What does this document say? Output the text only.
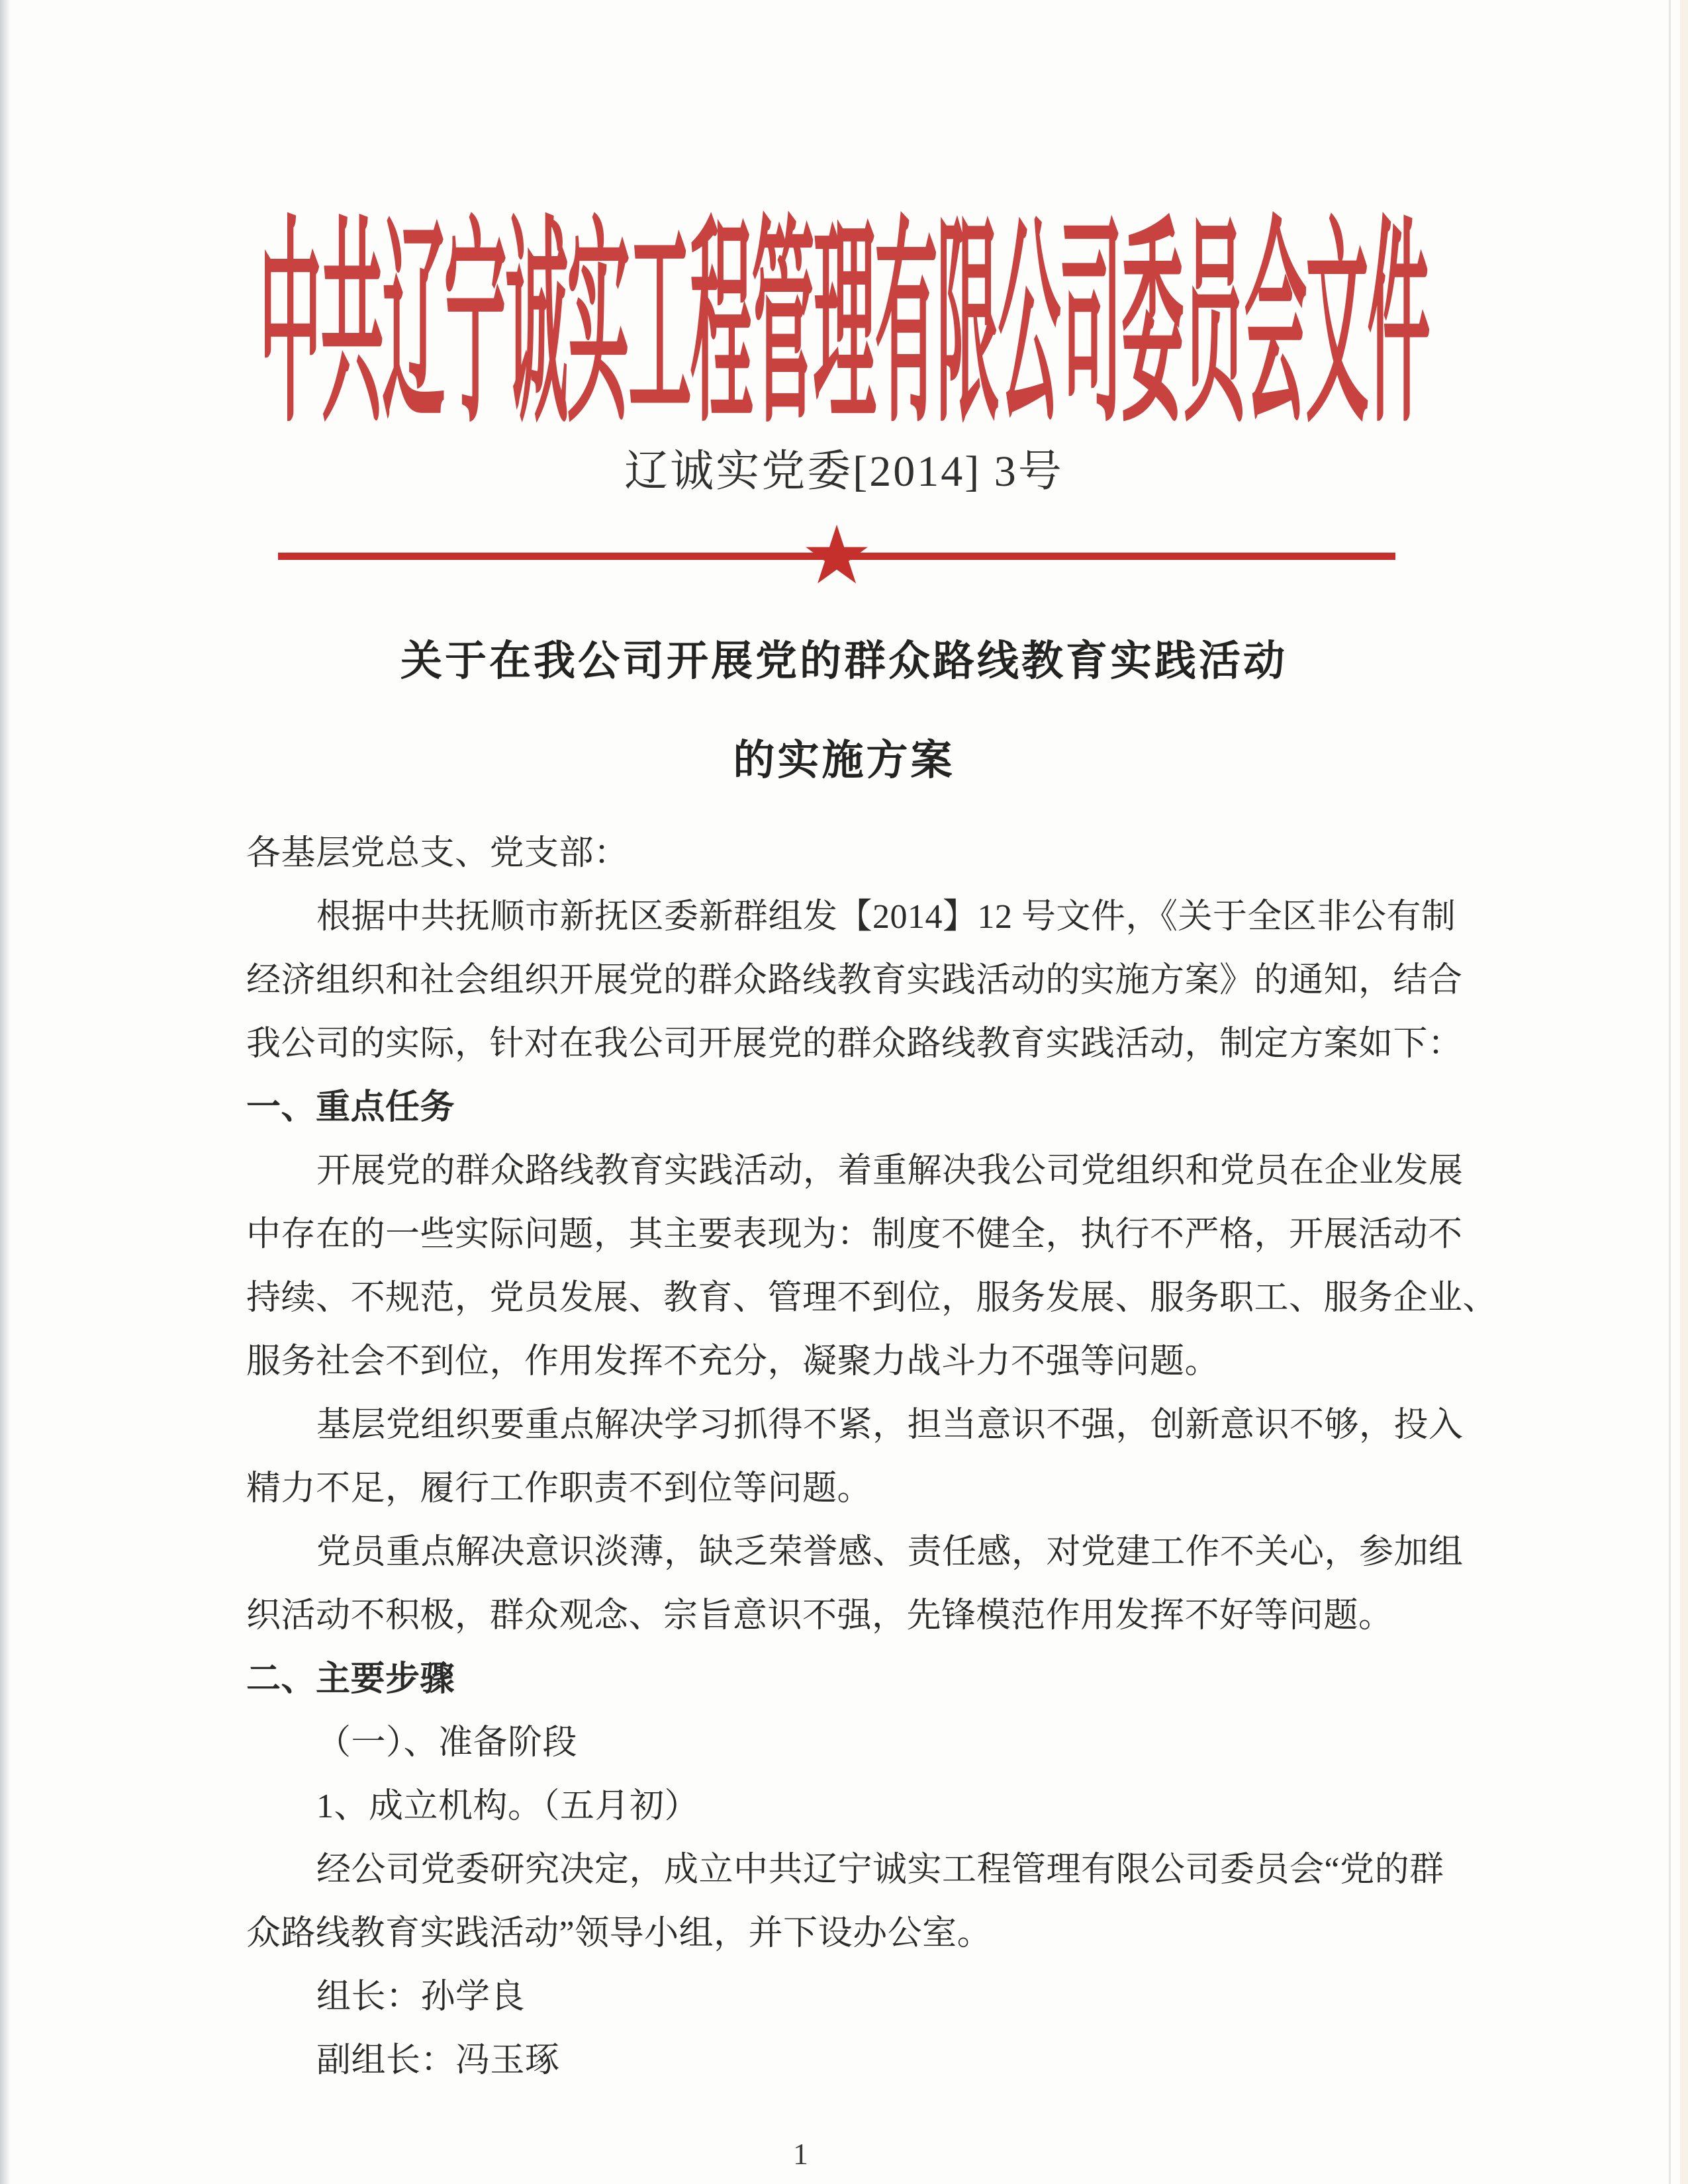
中共辽宁诚实工程管理有限公司委员会文件
辽诚实党委[2014] 3号
★
关于在我公司开展党的群众路线教育实践活动
的实施方案
各基层党总支、党支部：
根据中共抚顺市新抚区委新群组发【2014】12 号文件，《关于全区非公有制
经济组织和社会组织开展党的群众路线教育实践活动的实施方案》的通知，结合
我公司的实际，针对在我公司开展党的群众路线教育实践活动，制定方案如下：
一、重点任务
开展党的群众路线教育实践活动，着重解决我公司党组织和党员在企业发展
中存在的一些实际问题，其主要表现为：制度不健全，执行不严格，开展活动不
持续、不规范，党员发展、教育、管理不到位，服务发展、服务职工、服务企业、
服务社会不到位，作用发挥不充分，凝聚力战斗力不强等问题。
基层党组织要重点解决学习抓得不紧，担当意识不强，创新意识不够，投入
精力不足，履行工作职责不到位等问题。
党员重点解决意识淡薄，缺乏荣誉感、责任感，对党建工作不关心，参加组
织活动不积极，群众观念、宗旨意识不强，先锋模范作用发挥不好等问题。
二、主要步骤
（一）、准备阶段
1、成立机构。（五月初）
经公司党委研究决定，成立中共辽宁诚实工程管理有限公司委员会“党的群
众路线教育实践活动”领导小组，并下设办公室。
组长：孙学良
副组长：冯玉琢
1
